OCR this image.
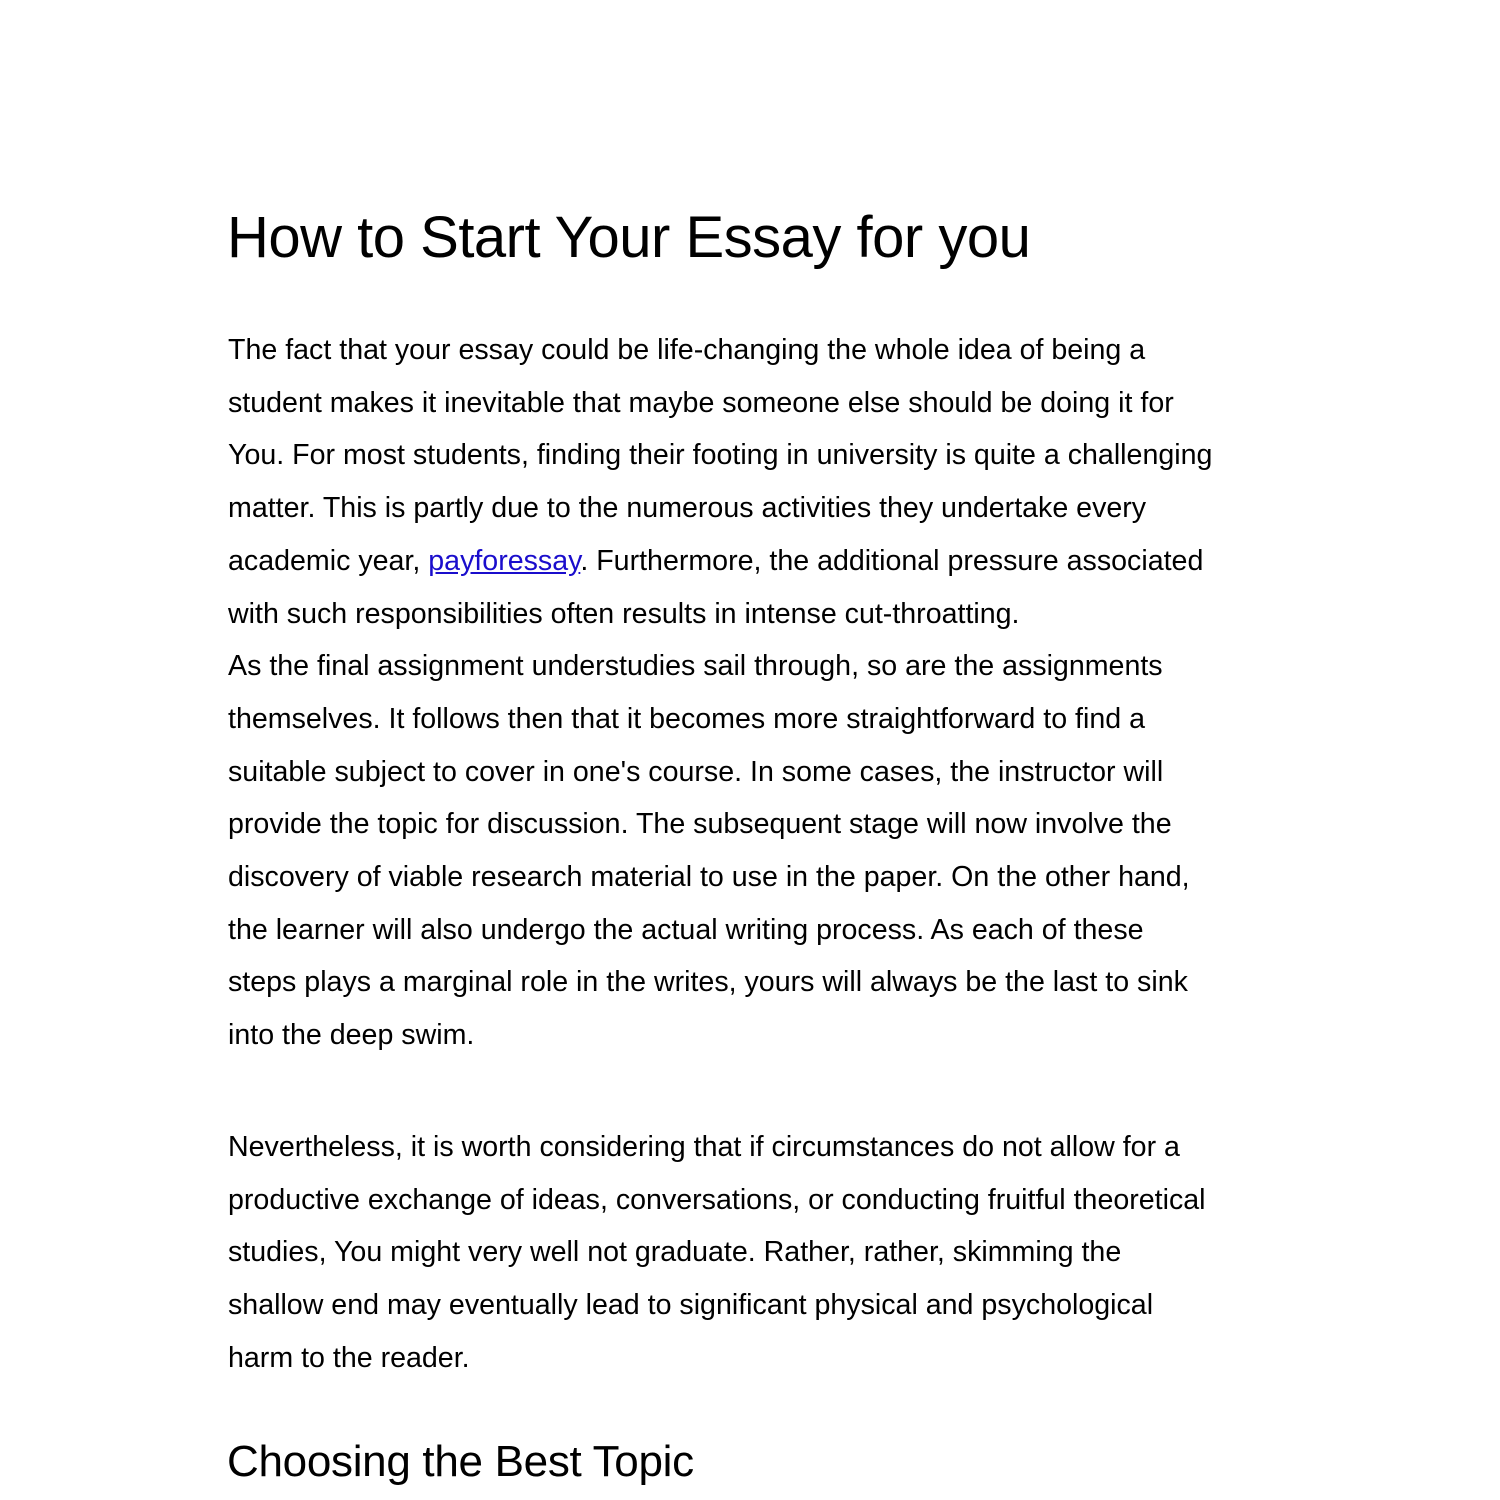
How to Start Your Essay for you

The fact that your essay could be life-changing the whole idea of being a
student makes it inevitable that maybe someone else should be doing it for
You. For most students, finding their footing in university is quite a challenging
matter. This is partly due to the numerous activities they undertake every
academic year, payforessay. Furthermore, the additional pressure associated
with such responsibilities often results in intense cut-throatting.
As the final assignment understudies sail through, so are the assignments
themselves. It follows then that it becomes more straightforward to find a
suitable subject to cover in one's course. In some cases, the instructor will
provide the topic for discussion. The subsequent stage will now involve the
discovery of viable research material to use in the paper. On the other hand,
the learner will also undergo the actual writing process. As each of these
steps plays a marginal role in the writes, yours will always be the last to sink
into the deep swim.

Nevertheless, it is worth considering that if circumstances do not allow for a
productive exchange of ideas, conversations, or conducting fruitful theoretical
studies, You might very well not graduate. Rather, rather, skimming the
shallow end may eventually lead to significant physical and psychological
harm to the reader.

Choosing the Best Topic
